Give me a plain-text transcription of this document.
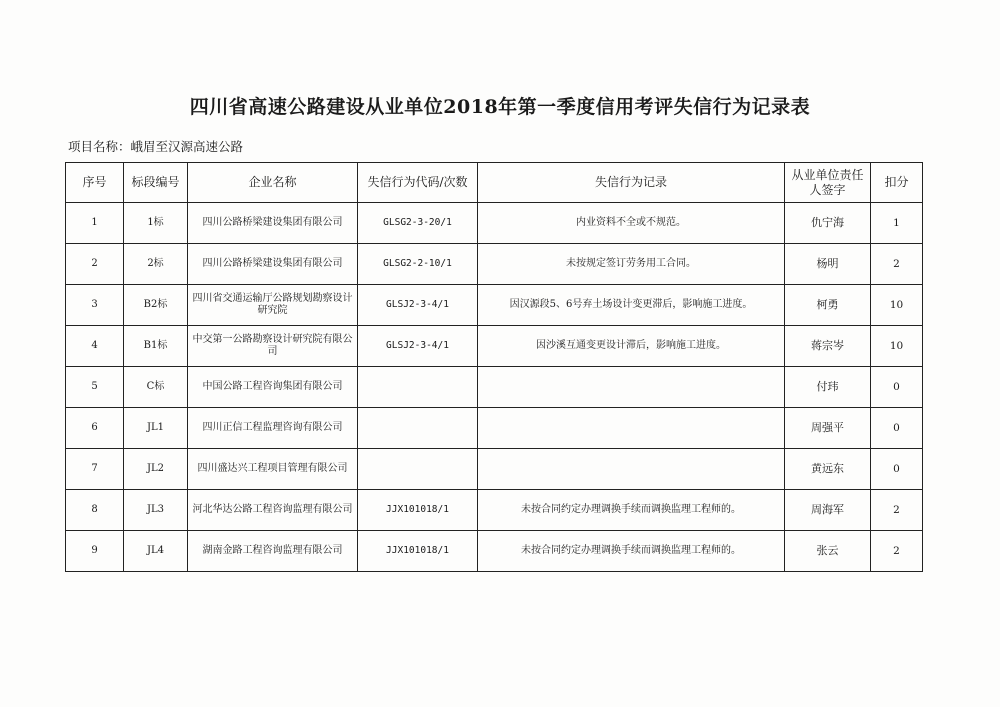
四川省高速公路建设从业单位2018年第一季度信用考评失信行为记录表
项目名称：峨眉至汉源高速公路
序号	标段编号	企业名称	失信行为代码/次数	失信行为记录	从业单位责任人签字	扣分
1	1标	四川公路桥梁建设集团有限公司	GLSG2-3-20/1	内业资料不全或不规范。	仇宁海	1
2	2标	四川公路桥梁建设集团有限公司	GLSG2-2-10/1	未按规定签订劳务用工合同。	杨明	2
3	B2标	四川省交通运输厅公路规划勘察设计研究院	GLSJ2-3-4/1	因汉源段5、6号弃土场设计变更滞后，影响施工进度。	柯勇	10
4	B1标	中交第一公路勘察设计研究院有限公司	GLSJ2-3-4/1	因沙溪互通变更设计滞后，影响施工进度。	蒋宗岑	10
5	C标	中国公路工程咨询集团有限公司			付玮	0
6	JL1	四川正信工程监理咨询有限公司			周强平	0
7	JL2	四川盛达兴工程项目管理有限公司			黄远东	0
8	JL3	河北华达公路工程咨询监理有限公司	JJX101018/1	未按合同约定办理调换手续而调换监理工程师的。	周海军	2
9	JL4	湖南金路工程咨询监理有限公司	JJX101018/1	未按合同约定办理调换手续而调换监理工程师的。	张云	2
